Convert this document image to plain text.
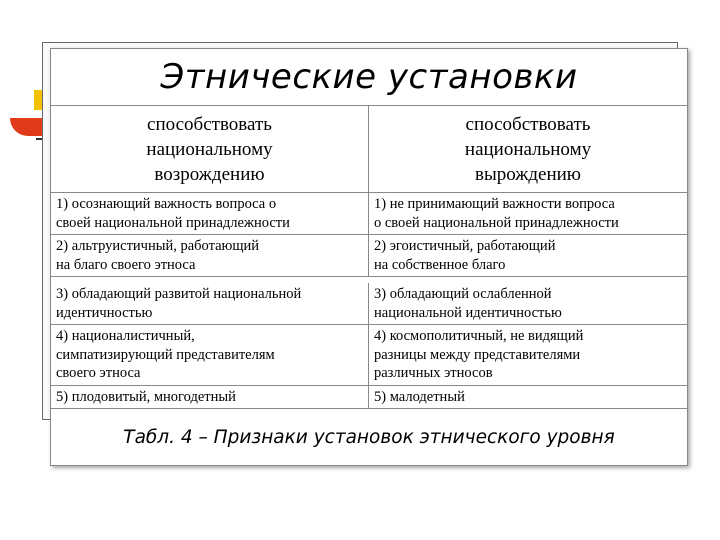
Этнические установки
способствовать национальному возрождению
способствовать национальному вырождению
1) осознающий важность вопроса о
своей национальной принадлежности
1) не принимающий важности вопроса
о своей национальной принадлежности
2) альтруистичный, работающий
на благо своего этноса
2) эгоистичный, работающий
на собственное благо
3) обладающий развитой национальной
идентичностью
3) обладающий ослабленной
национальной идентичностью
4) националистичный,
симпатизирующий представителям
своего этноса
4) космополитичный, не видящий
разницы между представителями
различных этносов
5) плодовитый, многодетный	5) малодетный
Табл. 4 – Признаки установок этнического уровня
